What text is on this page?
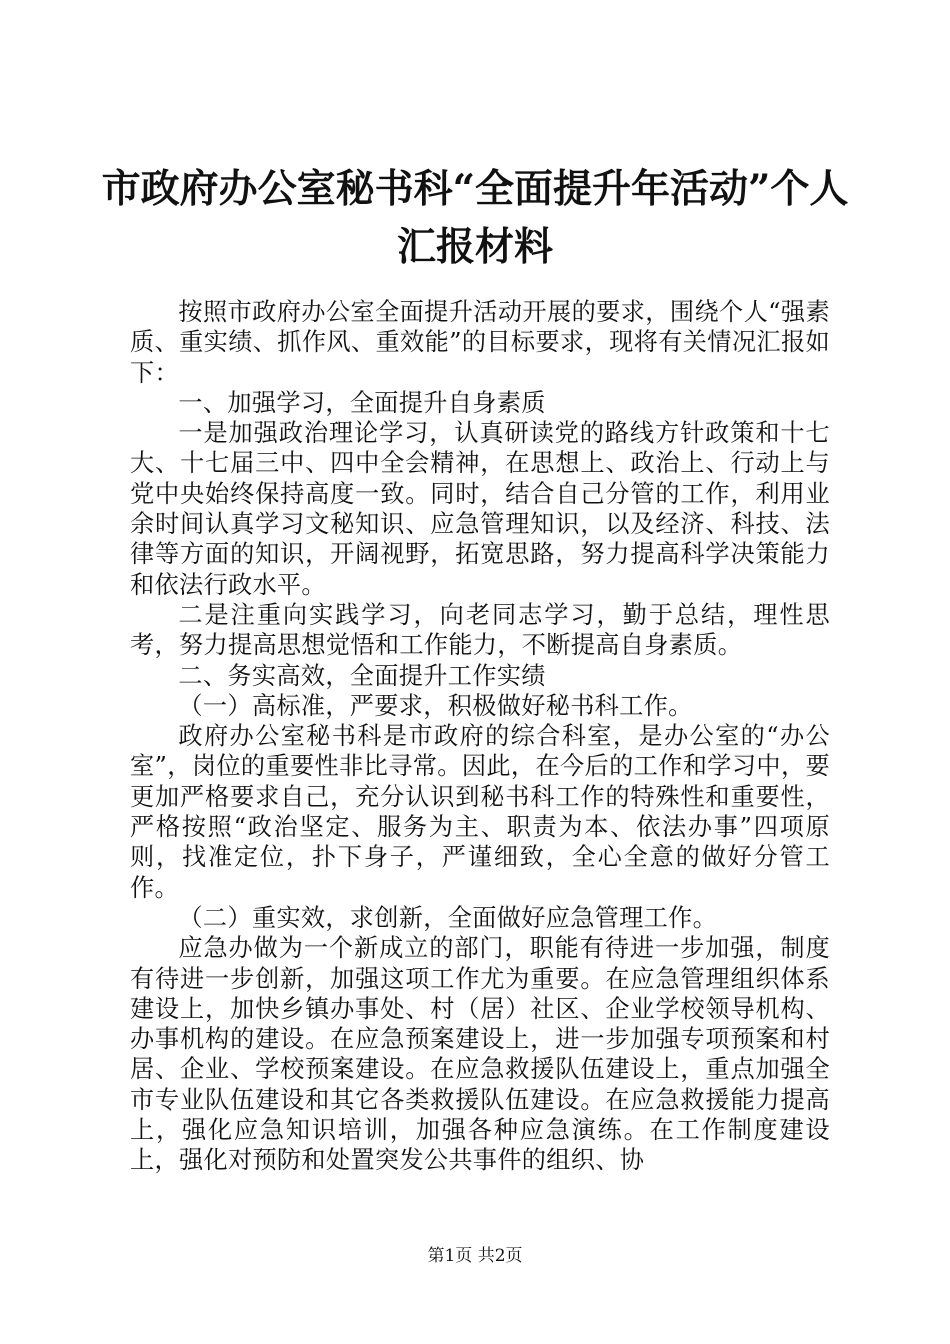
市政府办公室秘书科“全面提升年活动”个人
汇报材料

按照市政府办公室全面提升活动开展的要求，围绕个人“强素质、重实绩、抓作风、重效能”的目标要求，现将有关情况汇报如下：

一、加强学习，全面提升自身素质

一是加强政治理论学习，认真研读党的路线方针政策和十七大、十七届三中、四中全会精神，在思想上、政治上、行动上与党中央始终保持高度一致。同时，结合自己分管的工作，利用业余时间认真学习文秘知识、应急管理知识，以及经济、科技、法律等方面的知识，开阔视野，拓宽思路，努力提高科学决策能力和依法行政水平。

二是注重向实践学习，向老同志学习，勤于总结，理性思考，努力提高思想觉悟和工作能力，不断提高自身素质。

二、务实高效，全面提升工作实绩

（一）高标准，严要求，积极做好秘书科工作。

政府办公室秘书科是市政府的综合科室，是办公室的“办公室”，岗位的重要性非比寻常。因此，在今后的工作和学习中，要更加严格要求自己，充分认识到秘书科工作的特殊性和重要性，严格按照“政治坚定、服务为主、职责为本、依法办事”四项原则，找准定位，扑下身子，严谨细致，全心全意的做好分管工作。

（二）重实效，求创新，全面做好应急管理工作。

应急办做为一个新成立的部门，职能有待进一步加强，制度有待进一步创新，加强这项工作尤为重要。在应急管理组织体系建设上，加快乡镇办事处、村（居）社区、企业学校领导机构、办事机构的建设。在应急预案建设上，进一步加强专项预案和村居、企业、学校预案建设。在应急救援队伍建设上，重点加强全市专业队伍建设和其它各类救援队伍建设。在应急救援能力提高上，强化应急知识培训，加强各种应急演练。在工作制度建设上，强化对预防和处置突发公共事件的组织、协

第1页 共2页
